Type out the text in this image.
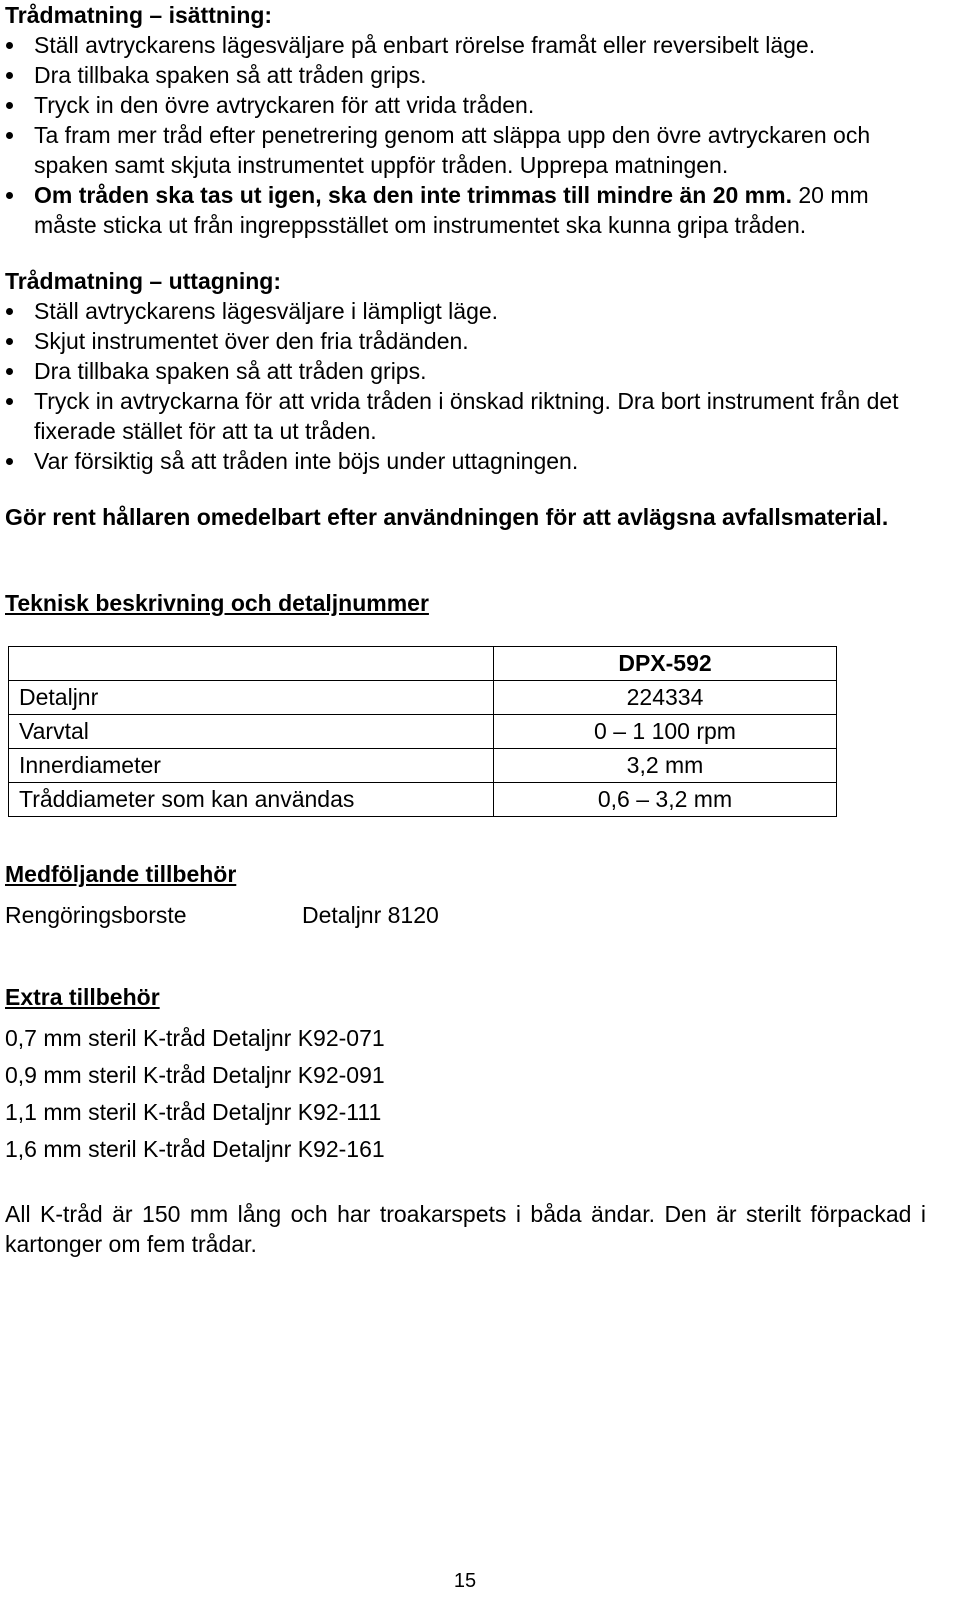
Trådmatning – isättning:

Ställ avtryckarens lägesväljare på enbart rörelse framåt eller reversibelt läge.
Dra tillbaka spaken så att tråden grips.
Tryck in den övre avtryckaren för att vrida tråden.
Ta fram mer tråd efter penetrering genom att släppa upp den övre avtryckaren och spaken samt skjuta instrumentet uppför tråden. Upprepa matningen.
Om tråden ska tas ut igen, ska den inte trimmas till mindre än 20 mm. 20 mm måste sticka ut från ingreppsstället om instrumentet ska kunna gripa tråden.

Trådmatning – uttagning:

Ställ avtryckarens lägesväljare i lämpligt läge.
Skjut instrumentet över den fria trådänden.
Dra tillbaka spaken så att tråden grips.
Tryck in avtryckarna för att vrida tråden i önskad riktning. Dra bort instrument från det fixerade stället för att ta ut tråden.
Var försiktig så att tråden inte böjs under uttagningen.

Gör rent hållaren omedelbart efter användningen för att avlägsna avfallsmaterial.

Teknisk beskrivning och detaljnummer

	DPX-592
Detaljnr	224334
Varvtal	0 – 1 100 rpm
Innerdiameter	3,2 mm
Tråddiameter som kan användas	0,6 – 3,2 mm

Medföljande tillbehör

Rengöringsborste	Detaljnr 8120

Extra tillbehör

0,7 mm steril K-tråd Detaljnr K92-071
0,9 mm steril K-tråd Detaljnr K92-091
1,1 mm steril K-tråd Detaljnr K92-111
1,6 mm steril K-tråd Detaljnr K92-161

All K-tråd är 150 mm lång och har troakarspets i båda ändar. Den är sterilt förpackad i kartonger om fem trådar.

15
